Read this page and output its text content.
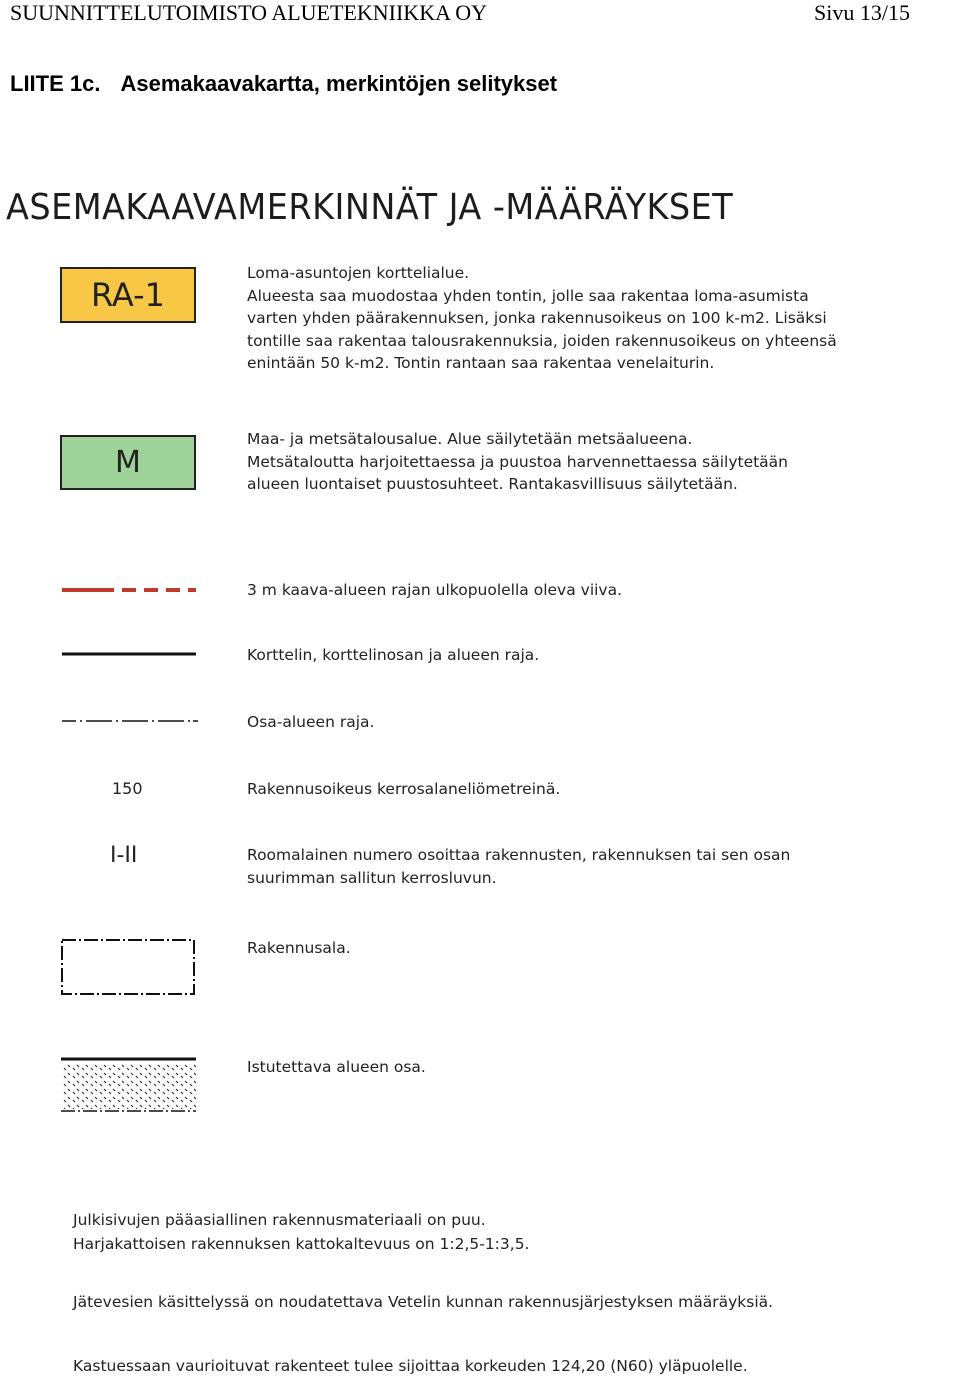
SUUNNITTELUTOIMISTO ALUETEKNIIKKA OY	Sivu 13/15
LIITE 1c. Asemakaavakartta, merkintöjen selitykset
ASEMAKAAVAMERKINNÄT JA -MÄÄRÄYKSET
RA-1
Loma-asuntojen korttelialue.
Alueesta saa muodostaa yhden tontin, jolle saa rakentaa loma-asumista
varten yhden päärakennuksen, jonka rakennusoikeus on 100 k-m2. Lisäksi
tontille saa rakentaa talousrakennuksia, joiden rakennusoikeus on yhteensä
enintään 50 k-m2. Tontin rantaan saa rakentaa venelaiturin.
M
Maa- ja metsätalousalue. Alue säilytetään metsäalueena.
Metsätaloutta harjoitettaessa ja puustoa harvennettaessa säilytetään
alueen luontaiset puustosuhteet. Rantakasvillisuus säilytetään.
3 m kaava-alueen rajan ulkopuolella oleva viiva.
Korttelin, korttelinosan ja alueen raja.
Osa-alueen raja.
150	Rakennusoikeus kerrosalaneliömetreinä.
I-II	Roomalainen numero osoittaa rakennusten, rakennuksen tai sen osan
suurimman sallitun kerrosluvun.
Rakennusala.
Istutettava alueen osa.
Julkisivujen pääasiallinen rakennusmateriaali on puu.
Harjakattoisen rakennuksen kattokaltevuus on 1:2,5-1:3,5.
Jätevesien käsittelyssä on noudatettava Vetelin kunnan rakennusjärjestyksen määräyksiä.
Kastuessaan vaurioituvat rakenteet tulee sijoittaa korkeuden 124,20 (N60) yläpuolelle.
